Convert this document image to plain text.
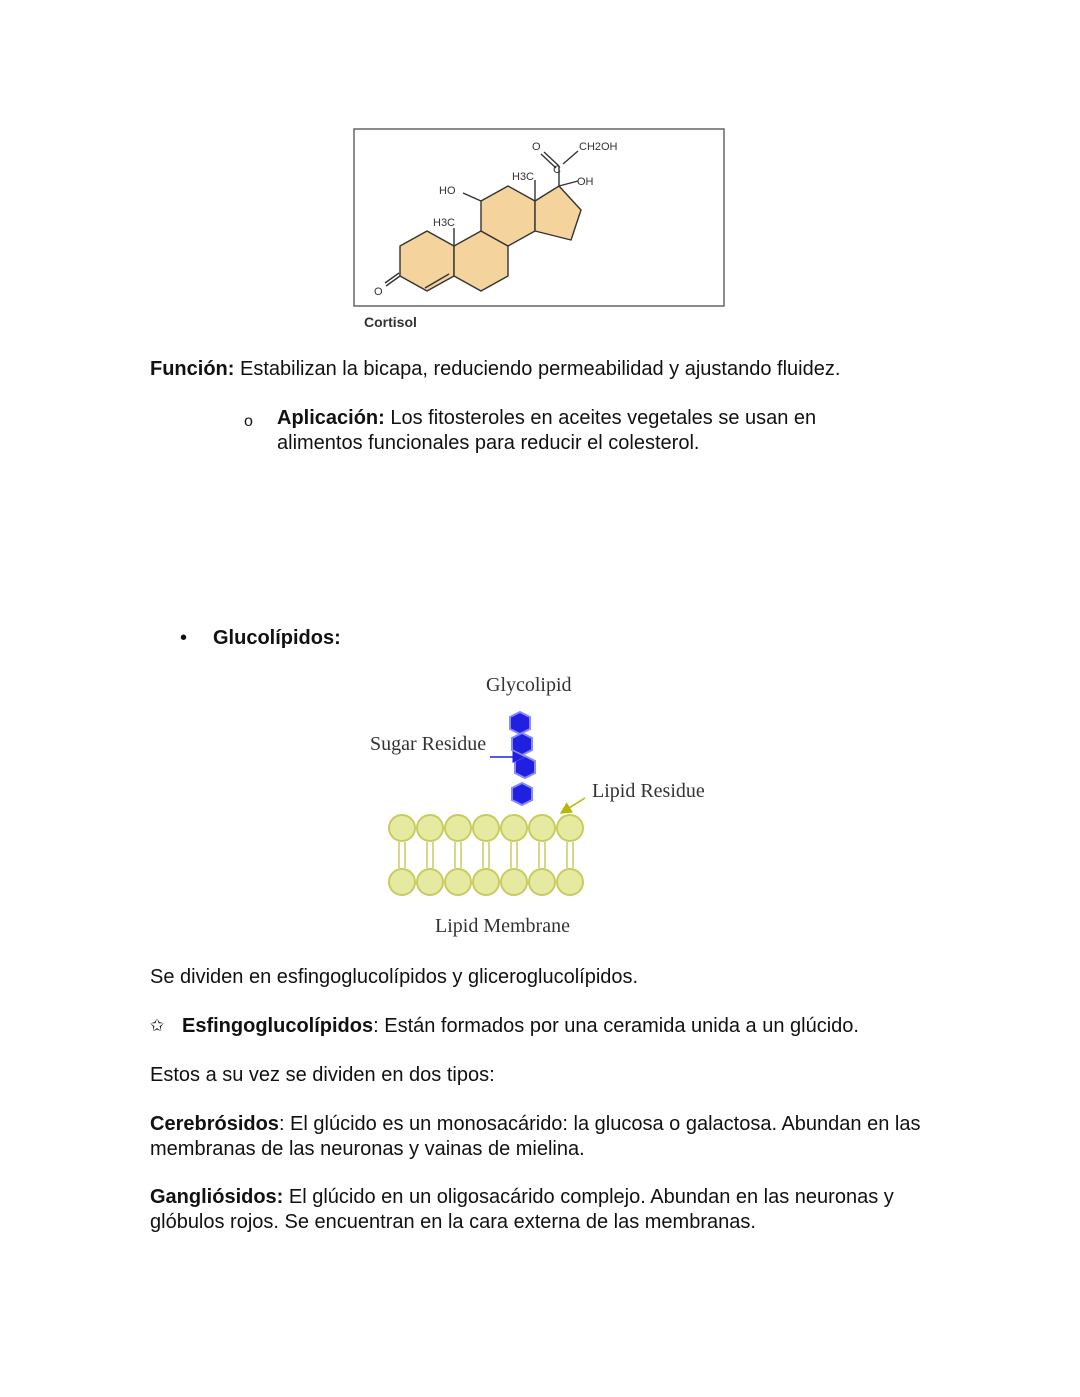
O
HO
H3C
H3C
O
C
CH2OH
OH
Cortisol
Función: Estabilizan la bicapa, reduciendo permeabilidad y ajustando fluidez.
o Aplicación: Los fitosteroles en aceites vegetales se usan en alimentos funcionales para reducir el colesterol.
• Glucolípidos:
Glycolipid
Sugar Residue
Lipid Residue
Lipid Membrane
Se dividen en esfingoglucolípidos y gliceroglucolípidos.
✩ Esfingoglucolípidos: Están formados por una ceramida unida a un glúcido.
Estos a su vez se dividen en dos tipos:
Cerebrósidos: El glúcido es un monosacárido: la glucosa o galactosa. Abundan en las membranas de las neuronas y vainas de mielina.
Gangliósidos: El glúcido en un oligosacárido complejo. Abundan en las neuronas y glóbulos rojos. Se encuentran en la cara externa de las membranas.
